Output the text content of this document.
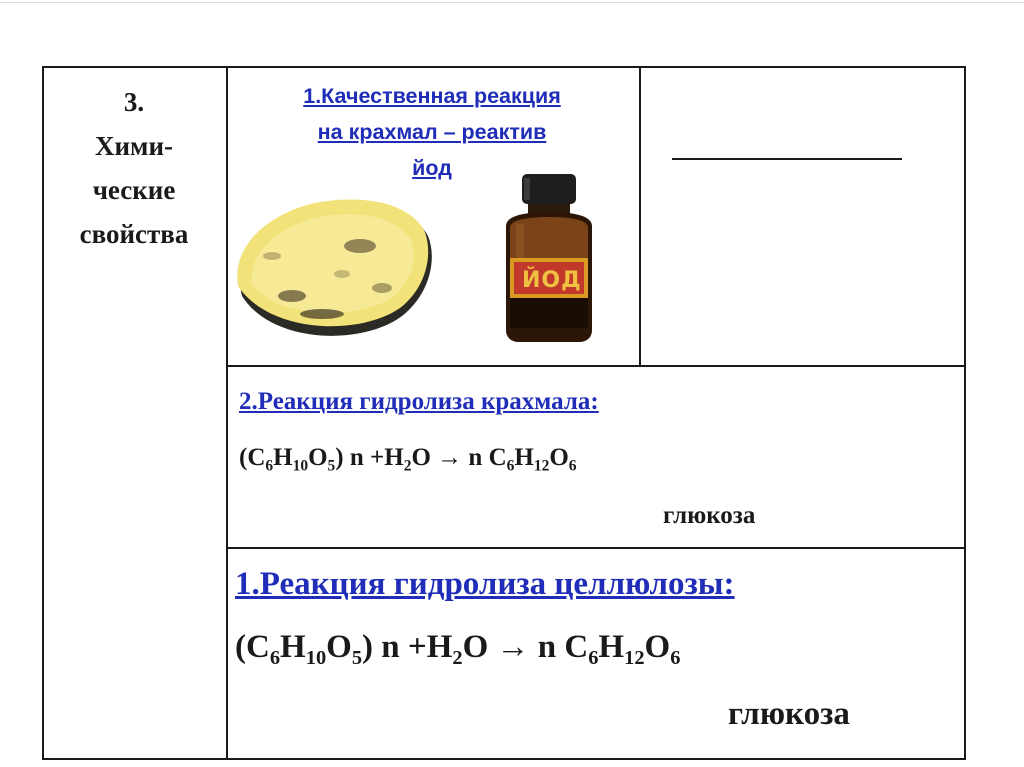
3.
Хими-
ческие
свойства
1.Качественная реакция
на крахмал – реактив
йод
ЙОД
2.Реакция гидролиза крахмала:
$(C_6H_{10}O_5)$ $n +H_2O \to n$ $C_6H_{12}O_6$
глюкоза
1.Реакция гидролиза целлюлозы:
$(C_6H_{10}O_5)$ $n +H_2O \to n$ $C_6H_{12}O_6$
глюкоза
